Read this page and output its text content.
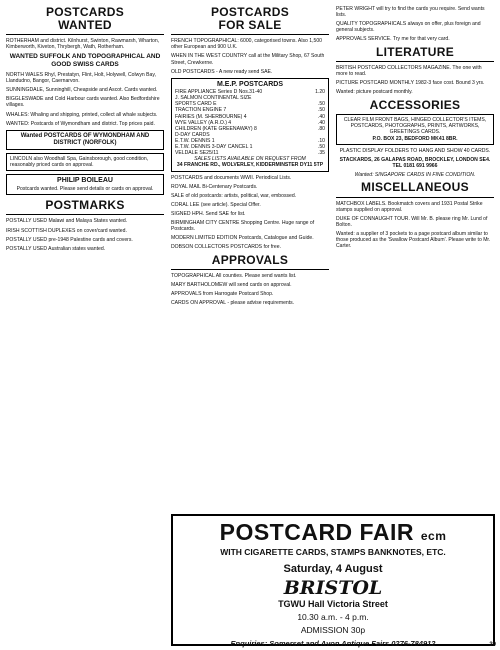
POSTCARDS
WANTED

ROTHERHAM and district. Kilnhurst, Swinton, Rawmarsh, Wharton, Kimberworth, Kiveton, Thrybergh, Wath, Rotherham.

WANTED SUFFOLK AND TOPOGRAPHICAL AND GOOD SWISS CARDS

NORTH WALES Rhyl, Prestatyn, Flint, Holt, Holywell, Colwyn Bay, Llandudno, Bangor, Caernarvon.

SUNNINGDALE, Sunninghill, Cheapside and Ascot. Cards wanted.

BIGGLESWADE and Cold Harbour cards wanted. Also Bedfordshire villages.

WHALES: Whaling and shipping, printed, collect all whale subjects.

WANTED: Postcards of Wymondham and district. Top prices paid.

Wanted POSTCARDS OF WYMONDHAM AND DISTRICT (NORFOLK)

LINCOLN also Woodhall Spa, Gainsborough, good condition, reasonably priced cards on approval.

PHILIP BOILEAU
Postcards wanted. Please send details or cards on approval.
POSTMARKS

POSTALLY USED Malawi and Malaya States wanted.

IRISH SCOTTISH DUPLEXES on cover/card wanted.

POSTALLY USED pre-1948 Palestine cards and covers.

POSTALLY USED Australian states wanted.

POSTCARDS
FOR SALE

FRENCH TOPOGRAPHICAL: 6000, categorised towns. Also 1,500 other European and 900 U.K.

WHEN IN THE WEST COUNTRY call at the Military Shop, 67 South Street, Crewkerne.

OLD POSTCARDS - A new ready send SAE.

M.E.P. POSTCARDS
FIRE APPLIANCE Series D Nos.31-40	1.20
J. SALMON CONTINENTAL SIZE
SPORTS CARD E	.50
TRACTION ENGINE 7	.50
FAIRIES (M. SHERBOURNE) 4	.40
WYE VALLEY (A.R.O.) 4	.40
CHILDREN (KATE GREENAWAY) 8	.80
D-DAY CARDS
E.T.W. DENNIS 1	.10
E.T.W. DENNIS 3-DAY CANCEL 1	.50
VELDALE SE25/11	.35
SALES LISTS AVAILABLE ON REQUEST FROM
34 FRANCHE RD., WOLVERLEY, KIDDERMINSTER DY11 5TP

POSTCARDS and documents WWII. Periodical Lists.

ROYAL MAIL Bi-Centenary Postcards.

SALE of old postcards: artists, political, war, embossed.

CORAL LEE (see article). Special Offer.

SIGNED HPH. Send SAE for list.

BIRMINGHAM CITY CENTRE Shopping Centre. Huge range of Postcards.

MODERN LIMITED EDITION Postcards, Catalogue and Guide.

DOBSON COLLECTORS POSTCARDS for free.

APPROVALS

TOPOGRAPHICAL All counties. Please send wants list.

MARY BARTHOLOMEW will send cards on approval.

APPROVALS from Harrogate Postcard Shop.

CARDS ON APPROVAL - please advise requirements.

PETER WRIGHT will try to find the cards you require. Send wants lists.

QUALITY TOPOGRAPHICALS always on offer, plus foreign and general subjects.

APPROVALS SERVICE. Try me for that very card.

LITERATURE

BRITISH POSTCARD COLLECTORS MAGAZINE. The one with more to read.

PICTURE POSTCARD MONTHLY 1982-3 face cost. Bound 3 yrs.

Wanted: picture postcard monthly.

ACCESSORIES
CLEAR FILM FRONT BAGS, HINGED COLLECTOR'S ITEMS, POSTCARDS, PHOTOGRAPHS, PRINTS, ARTWORKS, GREETINGS CARDS.
P.O. BOX 23, BEDFORD MK41 8BR.

PLASTIC DISPLAY FOLDERS TO HANG AND SHOW 40 CARDS.

STACKARDS, 26 GALAPAS ROAD, BROCKLEY, LONDON SE4. TEL 0181 691 9966

Wanted: SINGAPORE CARDS IN FINE CONDITION.

MISCELLANEOUS

MATCHBOX LABELS. Bookmatch covers and 1931 Postal Strike stamps supplied on approval.

DUKE OF CONNAUGHT TOUR. Will Mr. B. please ring Mr. Lund of Bolton.

Wanted: a supplier of 3 pockets to a page postcard album similar to those produced as the 'Swallow Postcard Album'. Please write to Mr. Carter.

POSTCARD FAIR ecm
WITH CIGARETTE CARDS, STAMPS BANKNOTES, ETC.
Saturday, 4 August
BRISTOL
TGWU Hall Victoria Street
10.30 a.m. - 4 p.m.
ADMISSION 30p
Enquiries: Somerset and Avon Antique Fairs 0276-784912	39
